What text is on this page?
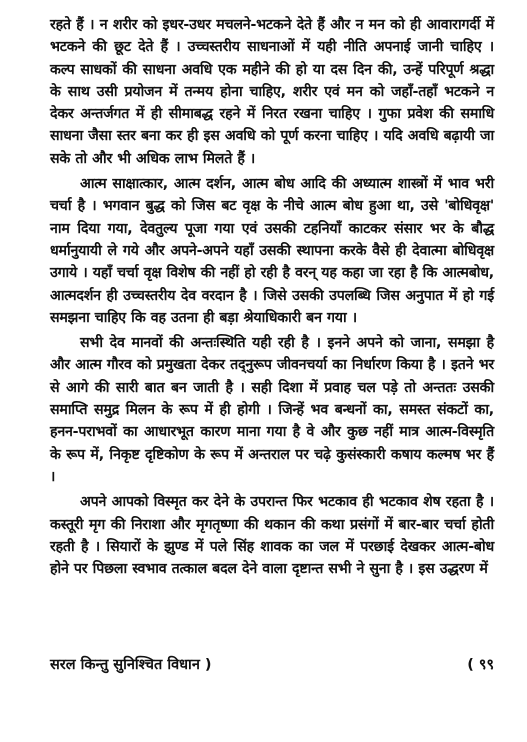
रहते हैं । न शरीर को इधर-उधर मचलने-भटकने देते हैं और न मन को ही आवारागर्दी में भटकने की छूट देते हैं । उच्चस्तरीय साधनाओं में यही नीति अपनाई जानी चाहिए । कल्प साधकों की साधना अवधि एक महीने की हो या दस दिन की, उन्हें परिपूर्ण श्रद्धा के साथ उसी प्रयोजन में तन्मय होना चाहिए, शरीर एवं मन को जहाँ-तहाँ भटकने न देकर अन्तर्जगत में ही सीमाबद्ध रहने में निरत रखना चाहिए । गुफा प्रवेश की समाधि साधना जैसा स्तर बना कर ही इस अवधि को पूर्ण करना चाहिए । यदि अवधि बढ़ायी जा सके तो और भी अधिक लाभ मिलते हैं ।

आत्म साक्षात्कार, आत्म दर्शन, आत्म बोध आदि की अध्यात्म शास्त्रों में भाव भरी चर्चा है । भगवान बुद्ध को जिस बट वृक्ष के नीचे आत्म बोध हुआ था, उसे 'बोधिवृक्ष' नाम दिया गया, देवतुल्य पूजा गया एवं उसकी टहनियाँ काटकर संसार भर के बौद्ध धर्मानुयायी ले गये और अपने-अपने यहाँ उसकी स्थापना करके वैसे ही देवात्मा बोधिवृक्ष उगाये । यहाँ चर्चा वृक्ष विशेष की नहीं हो रही है वरन् यह कहा जा रहा है कि आत्मबोध, आत्मदर्शन ही उच्चस्तरीय देव वरदान है । जिसे उसकी उपलब्धि जिस अनुपात में हो गई समझना चाहिए कि वह उतना ही बड़ा श्रेयाधिकारी बन गया ।

सभी देव मानवों की अन्तःस्थिति यही रही है । इनने अपने को जाना, समझा है और आत्म गौरव को प्रमुखता देकर तद्नुरूप जीवनचर्या का निर्धारण किया है । इतने भर से आगे की सारी बात बन जाती है । सही दिशा में प्रवाह चल पड़े तो अन्ततः उसकी समाप्ति समुद्र मिलन के रूप में ही होगी । जिन्हें भव बन्धनों का, समस्त संकटों का, हनन-पराभवों का आधारभूत कारण माना गया है वे और कुछ नहीं मात्र आत्म-विस्मृति के रूप में, निकृष्ट दृष्टिकोण के रूप में अन्तराल पर चढ़े कुसंस्कारी कषाय कल्मष भर हैं ।

अपने आपको विस्मृत कर देने के उपरान्त फिर भटकाव ही भटकाव शेष रहता है । कस्तूरी मृग की निराशा और मृगतृष्णा की थकान की कथा प्रसंगों में बार-बार चर्चा होती रहती है । सियारों के झुण्ड में पले सिंह शावक का जल में परछाई देखकर आत्म-बोध होने पर पिछला स्वभाव तत्काल बदल देने वाला दृष्टान्त सभी ने सुना है । इस उद्धरण में

सरल किन्तु सुनिश्चित विधान )	( ९९
